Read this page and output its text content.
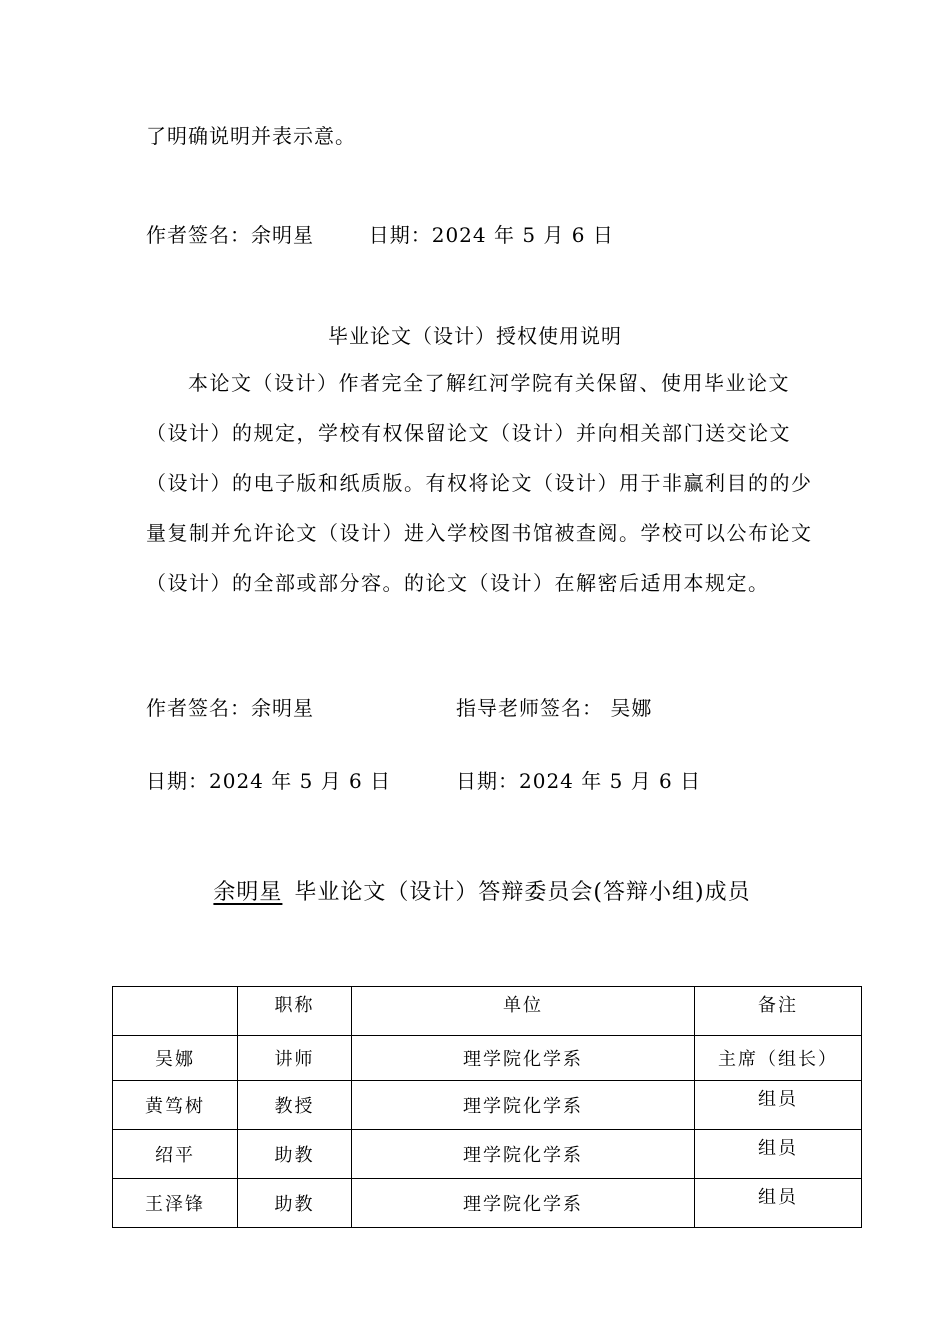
了明确说明并表示意。
作者签名：余明星	日期：2024 年 5 月 6 日
毕业论文（设计）授权使用说明
本论文（设计）作者完全了解红河学院有关保留、使用毕业论文（设计）的规定，学校有权保留论文（设计）并向相关部门送交论文（设计）的电子版和纸质版。有权将论文（设计）用于非赢利目的的少量复制并允许论文（设计）进入学校图书馆被查阅。学校可以公布论文（设计）的全部或部分容。的论文（设计）在解密后适用本规定。
作者签名：余明星	指导老师签名： 吴娜
日期：2024 年 5 月 6 日	日期：2024 年 5 月 6 日
余明星 毕业论文（设计）答辩委员会(答辩小组)成员
	职称	单位	备注
吴娜	讲师	理学院化学系	主席（组长）
黄笃树	教授	理学院化学系	组员
绍平	助教	理学院化学系	组员
王泽锋	助教	理学院化学系	组员
